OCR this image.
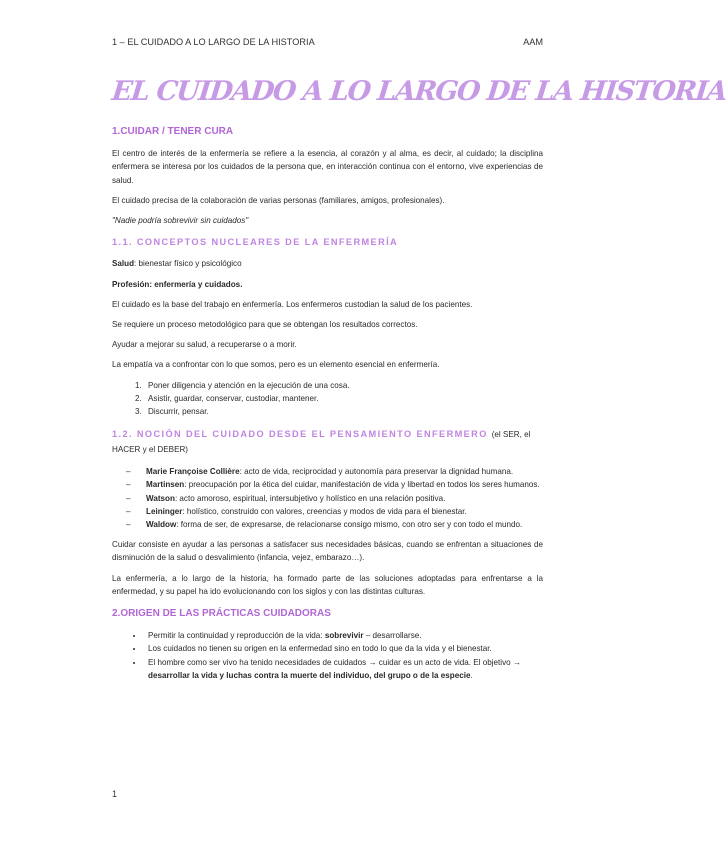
1 – EL CUIDADO A LO LARGO DE LA HISTORIA	AAM
EL CUIDADO A LO LARGO DE LA HISTORIA
1.CUIDAR / TENER CURA

El centro de interés de la enfermería se refiere a la esencia, al corazón y al alma, es decir, al cuidado; la disciplina enfermera se interesa por los cuidados de la persona que, en interacción continua con el entorno, vive experiencias de salud.

El cuidado precisa de la colaboración de varias personas (familiares, amigos, profesionales).

"Nadie podría sobrevivir sin cuidados"

1.1. CONCEPTOS NUCLEARES DE LA ENFERMERÍA

Salud: bienestar físico y psicológico

Profesión: enfermería y cuidados.

El cuidado es la base del trabajo en enfermería. Los enfermeros custodian la salud de los pacientes.

Se requiere un proceso metodológico para que se obtengan los resultados correctos.

Ayudar a mejorar su salud, a recuperarse o a morir.

La empatía va a confrontar con lo que somos, pero es un elemento esencial en enfermería.

1. Poner diligencia y atención en la ejecución de una cosa.
2. Asistir, guardar, conservar, custodiar, mantener.
3. Discurrir, pensar.
1.2. NOCIÓN DEL CUIDADO DESDE EL PENSAMIENTO ENFERMERO (el SER, el HACER y el DEBER)
– Marie Françoise Collière: acto de vida, reciprocidad y autonomía para preservar la dignidad humana.
– Martinsen: preocupación por la ética del cuidar, manifestación de vida y libertad en todos los seres humanos.
– Watson: acto amoroso, espiritual, intersubjetivo y holístico en una relación positiva.
– Leininger: holístico, construido con valores, creencias y modos de vida para el bienestar.
– Waldow: forma de ser, de expresarse, de relacionarse consigo mismo, con otro ser y con todo el mundo.

Cuidar consiste en ayudar a las personas a satisfacer sus necesidades básicas, cuando se enfrentan a situaciones de disminución de la salud o desvalimiento (infancia, vejez, embarazo…).

La enfermería, a lo largo de la historia, ha formado parte de las soluciones adoptadas para enfrentarse a la enfermedad, y su papel ha ido evolucionando con los siglos y con las distintas culturas.

2.ORIGEN DE LAS PRÁCTICAS CUIDADORAS
• Permitir la continuidad y reproducción de la vida: sobrevivir – desarrollarse.
• Los cuidados no tienen su origen en la enfermedad sino en todo lo que da la vida y el bienestar.
• El hombre como ser vivo ha tenido necesidades de cuidados → cuidar es un acto de vida. El objetivo → desarrollar la vida y luchas contra la muerte del individuo, del grupo o de la especie.
1
